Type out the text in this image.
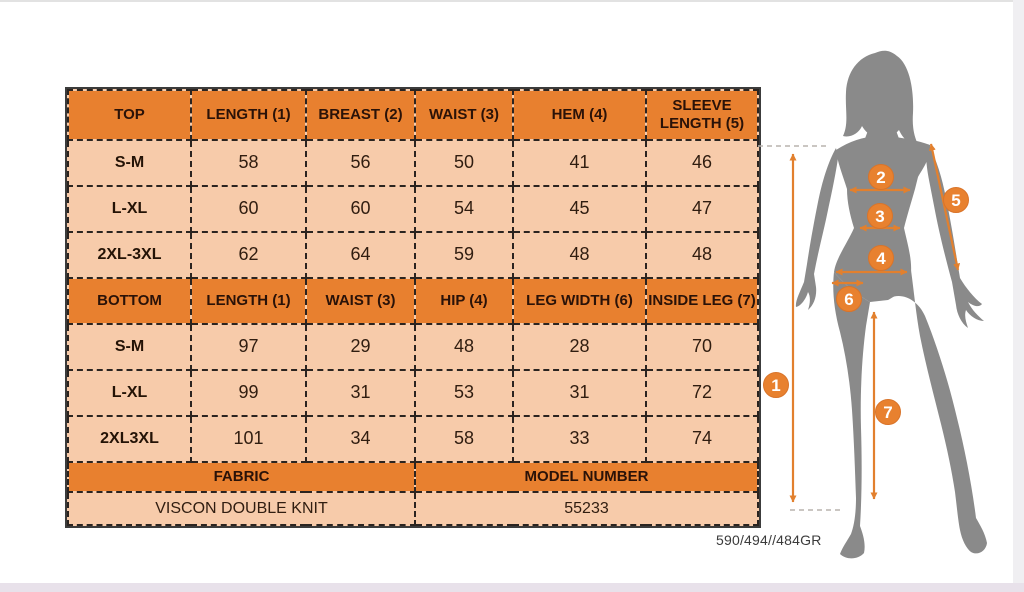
TOP	LENGTH (1)	BREAST (2)	WAIST (3)	HEM (4)	SLEEVE LENGTH (5)
S-M	58	56	50	41	46
L-XL	60	60	54	45	47
2XL-3XL	62	64	59	48	48
BOTTOM	LENGTH (1)	WAIST (3)	HIP (4)	LEG WIDTH (6)	INSIDE LEG (7)
S-M	97	29	48	28	70
L-XL	99	31	53	31	72
2XL3XL	101	34	58	33	74
FABRIC			MODEL NUMBER		
VISCON DOUBLE KNIT			55233		
590/494//484GR
1
2
3
4
5
6
7
